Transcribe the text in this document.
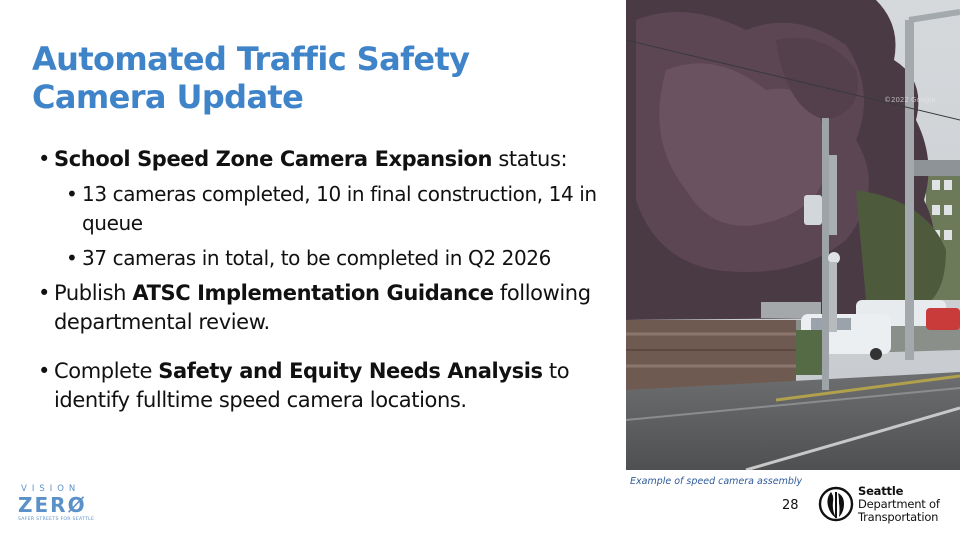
Automated Traffic Safety
Camera Update
• School Speed Zone Camera Expansion status:
• 13 cameras completed, 10 in final construction, 14 in queue
• 37 cameras in total, to be completed in Q2 2026
• Publish ATSC Implementation Guidance following departmental review.
• Complete Safety and Equity Needs Analysis to identify fulltime speed camera locations.
©2022 Google
Example of speed camera assembly
28
VISION
ZERØ
SAFER STREETS FOR SEATTLE
Seattle
Department of
Transportation
